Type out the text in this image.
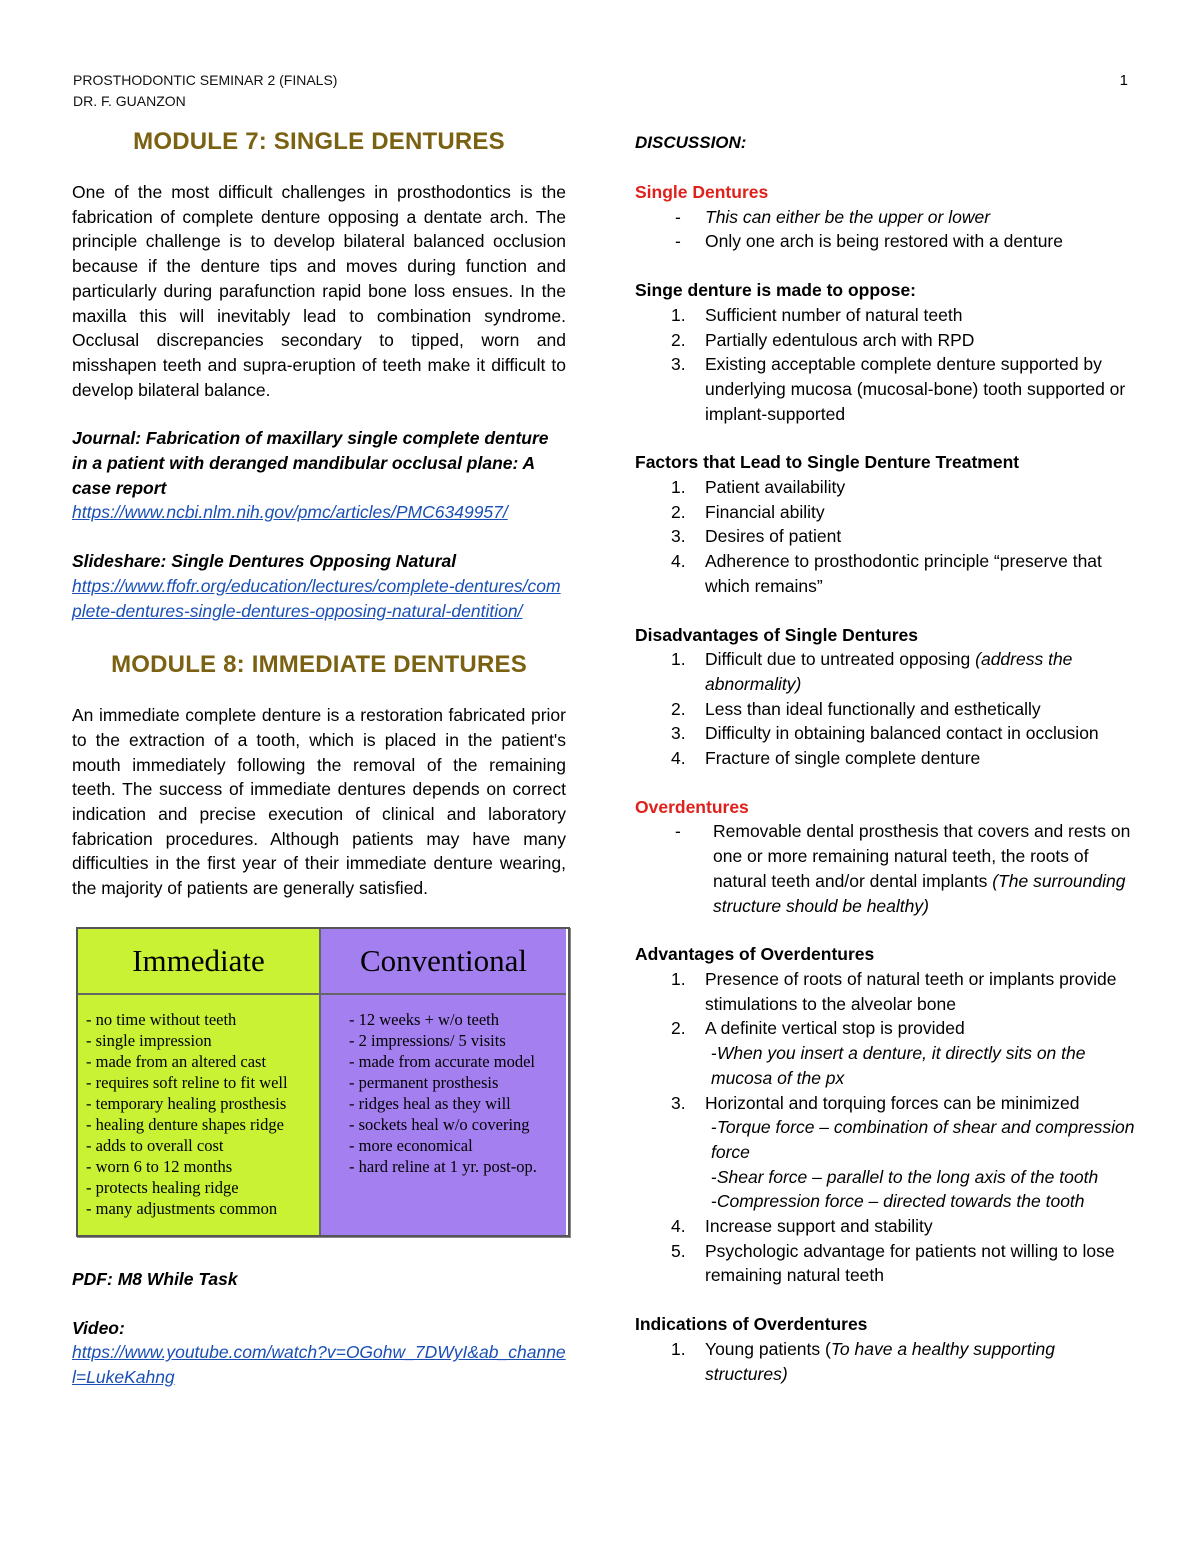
PROSTHODONTIC SEMINAR 2 (FINALS)
DR. F. GUANZON
1
MODULE 7: SINGLE DENTURES

One of the most difficult challenges in prosthodontics is the fabrication of complete denture opposing a dentate arch. The principle challenge is to develop bilateral balanced occlusion because if the denture tips and moves during function and particularly during parafunction rapid bone loss ensues. In the maxilla this will inevitably lead to combination syndrome. Occlusal discrepancies secondary to tipped, worn and misshapen teeth and supra-eruption of teeth make it difficult to develop bilateral balance.

Journal: Fabrication of maxillary single complete denture in a patient with deranged mandibular occlusal plane: A case report

https://www.ncbi.nlm.nih.gov/pmc/articles/PMC6349957/

Slideshare: Single Dentures Opposing Natural

https://www.ffofr.org/education/lectures/complete-dentures/complete-dentures-single-dentures-opposing-natural-dentition/
MODULE 8: IMMEDIATE DENTURES

An immediate complete denture is a restoration fabricated prior to the extraction of a tooth, which is placed in the patient's mouth immediately following the removal of the remaining teeth. The success of immediate dentures depends on correct indication and precise execution of clinical and laboratory fabrication procedures. Although patients may have many difficulties in the first year of their immediate denture wearing, the majority of patients are generally satisfied.

Immediate	Conventional
- no time without teeth
- single impression
- made from an altered cast
- requires soft reline to fit well
- temporary healing prosthesis
- healing denture shapes ridge
- adds to overall cost
- worn 6 to 12 months
- protects healing ridge
- many adjustments common
- 12 weeks + w/o teeth
- 2 impressions/ 5 visits
- made from accurate model
- permanent prosthesis
- ridges heal as they will
- sockets heal w/o covering
- more economical
- hard reline at 1 yr. post-op.

PDF: M8 While Task

Video:

https://www.youtube.com/watch?v=OGohw_7DWyI&ab_channel=LukeKahng

DISCUSSION:

Single Dentures

- This can either be the upper or lower
- Only one arch is being restored with a denture

Singe denture is made to oppose:

1. Sufficient number of natural teeth
2. Partially edentulous arch with RPD
3. Existing acceptable complete denture supported by underlying mucosa (mucosal-bone) tooth supported or implant-supported

Factors that Lead to Single Denture Treatment

1. Patient availability
2. Financial ability
3. Desires of patient
4. Adherence to prosthodontic principle “preserve that which remains”

Disadvantages of Single Dentures

1. Difficult due to untreated opposing (address the abnormality)
2. Less than ideal functionally and esthetically
3. Difficulty in obtaining balanced contact in occlusion
4. Fracture of single complete denture

Overdentures

- Removable dental prosthesis that covers and rests on one or more remaining natural teeth, the roots of natural teeth and/or dental implants (The surrounding structure should be healthy)

Advantages of Overdentures

1. Presence of roots of natural teeth or implants provide stimulations to the alveolar bone
2. A definite vertical stop is provided
-When you insert a denture, it directly sits on the mucosa of the px
3. Horizontal and torquing forces can be minimized
-Torque force – combination of shear and compression force
-Shear force – parallel to the long axis of the tooth
-Compression force – directed towards the tooth
4. Increase support and stability
5. Psychologic advantage for patients not willing to lose remaining natural teeth

Indications of Overdentures

1. Young patients (To have a healthy supporting structures)
